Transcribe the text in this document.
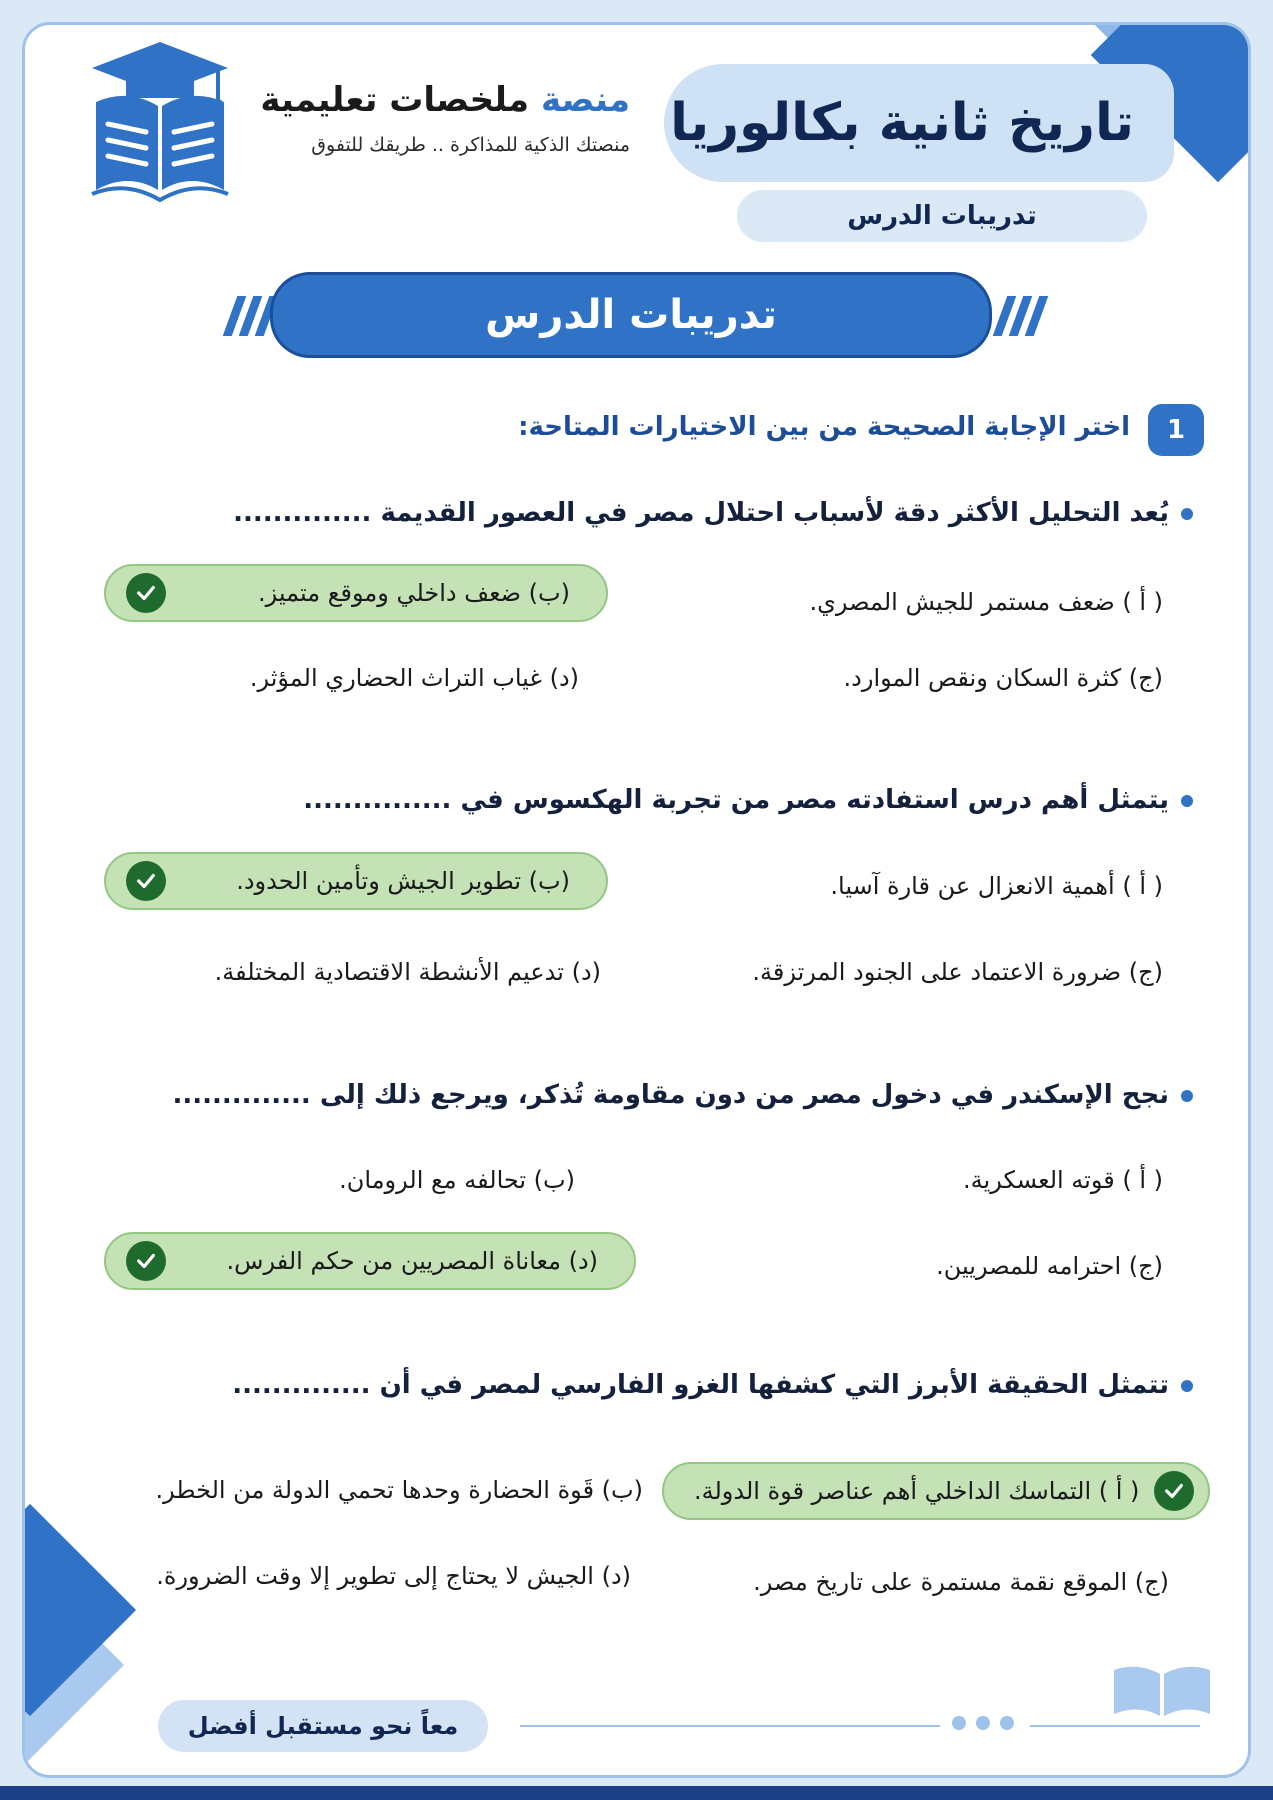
تاريخ ثانية بكالوريا
تدريبات الدرس
منصة ملخصات تعليمية
منصتك الذكية للمذاكرة .. طريقك للتفوق
تدريبات الدرس
1
اختر الإجابة الصحيحة من بين الاختيارات المتاحة:
يُعد التحليل الأكثر دقة لأسباب احتلال مصر في العصور القديمة ..............
( أ ) ضعف مستمر للجيش المصري.
(ب) ضعف داخلي وموقع متميز.
(ج) كثرة السكان ونقص الموارد.
(د) غياب التراث الحضاري المؤثر.
يتمثل أهم درس استفادته مصر من تجربة الهكسوس في ...............
( أ ) أهمية الانعزال عن قارة آسيا.
(ب) تطوير الجيش وتأمين الحدود.
(ج) ضرورة الاعتماد على الجنود المرتزقة.
(د) تدعيم الأنشطة الاقتصادية المختلفة.
نجح الإسكندر في دخول مصر من دون مقاومة تُذكر، ويرجع ذلك إلى ..............
( أ ) قوته العسكرية.
(ب) تحالفه مع الرومان.
(ج) احترامه للمصريين.
(د) معاناة المصريين من حكم الفرس.
تتمثل الحقيقة الأبرز التي كشفها الغزو الفارسي لمصر في أن ..............
( أ ) التماسك الداخلي أهم عناصر قوة الدولة.
(ب) قَوة الحضارة وحدها تحمي الدولة من الخطر.
(ج) الموقع نقمة مستمرة على تاريخ مصر.
(د) الجيش لا يحتاج إلى تطوير إلا وقت الضرورة.
معاً نحو مستقبل أفضل
